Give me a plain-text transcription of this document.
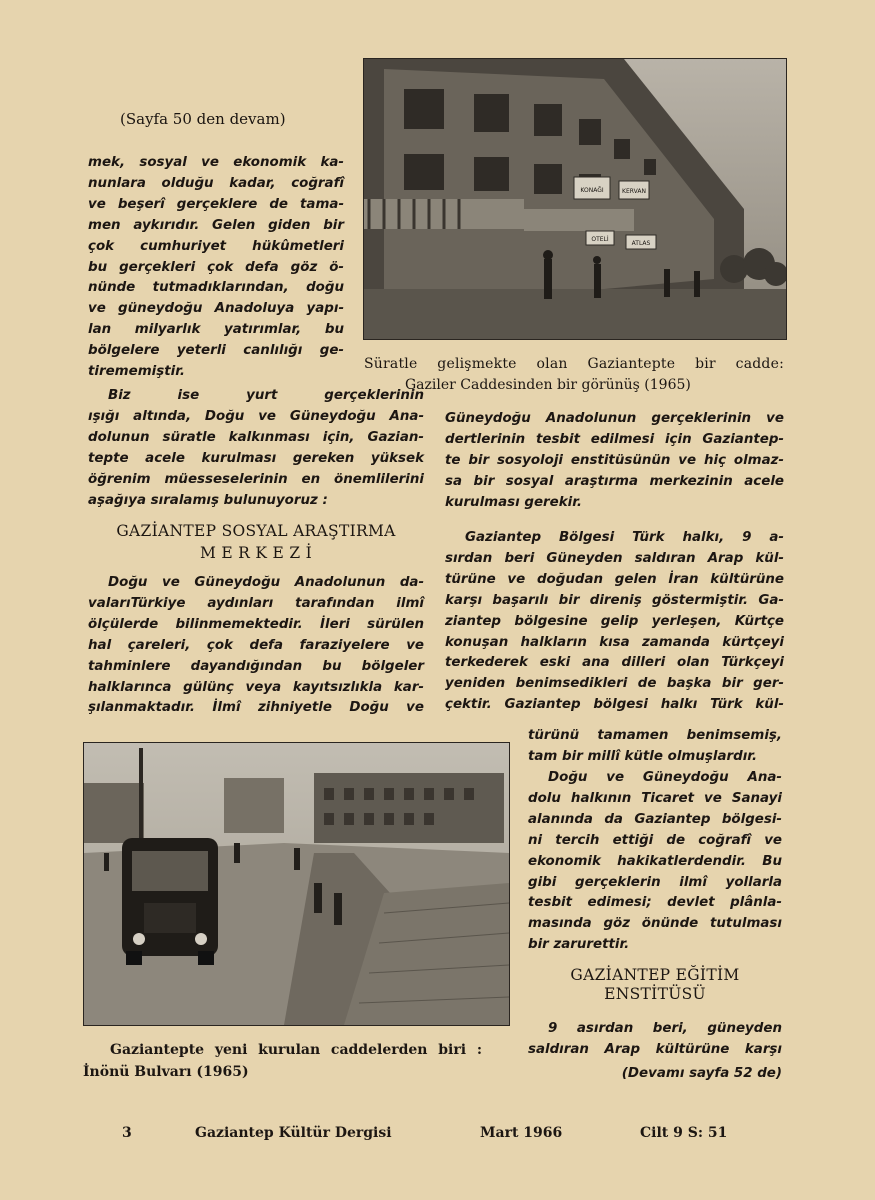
KONAĞI	KERVAN
OTELİ
ATLAS
(Sayfa 50 den devam)
mek, sosyal ve ekonomik ka-
nunlara olduğu kadar, coğrafî
ve beşerî gerçeklere de tama-
men aykırıdır. Gelen giden bir
çok cumhuriyet hükûmetleri
bu gerçekleri çok defa göz ö-
nünde tutmadıklarından, doğu
ve güneydoğu Anadoluya yapı-
lan milyarlık yatırımlar, bu
bölgelere yeterli canlılığı ge-
tirememiştir.	Süratle gelişmekte olan Gaziantepte bir cadde:
Gaziler Caddesinden bir görünüş (1965)
Biz ise yurt gerçeklerinin
ışığı altında, Doğu ve Güneydoğu Ana-
dolunun süratle kalkınması için, Gazian-
tepte acele kurulması gereken yüksek
öğrenim müesseselerinin en önemlilerini
aşağıya sıralamış bulunuyoruz :
GAZİANTEP SOSYAL ARAŞTIRMA
M E R K E Z İ
Doğu ve Güneydoğu Anadolunun da-
valarıTürkiye aydınları tarafından ilmî
ölçülerde bilinmemektedir. İleri sürülen
hal çareleri, çok defa faraziyelere ve
tahminlere dayandığından bu bölgeler
halklarınca gülünç veya kayıtsızlıkla kar-
şılanmaktadır. İlmî zihniyetle Doğu ve
Güneydoğu Anadolunun gerçeklerinin ve
dertlerinin tesbit edilmesi için Gaziantep-
te bir sosyoloji enstitüsünün ve hiç olmaz-
sa bir sosyal araştırma merkezinin acele
kurulması gerekir.
Gaziantep Bölgesi Türk halkı, 9 a-
sırdan beri Güneyden saldıran Arap kül-
türüne ve doğudan gelen İran kültürüne
karşı başarılı bir direniş göstermiştir. Ga-
ziantep bölgesine gelip yerleşen, Kürtçe
konuşan halkların kısa zamanda kürtçeyi
terkederek eski ana dilleri olan Türkçeyi
yeniden benimsedikleri de başka bir ger-
çektir. Gaziantep bölgesi halkı Türk kül-
türünü tamamen benimsemiş,
tam bir millî kütle olmuşlardır.
Doğu ve Güneydoğu Ana-
dolu halkının Ticaret ve Sanayi
alanında da Gaziantep bölgesi-
ni tercih ettiği de coğrafî ve
ekonomik hakikatlerdendir. Bu
gibi gerçeklerin ilmî yollarla
tesbit edimesi; devlet plânla-
masında göz önünde tutulması
bir zarurettir.
GAZİANTEP EĞİTİM
ENSTİTÜSÜ
9 asırdan beri, güneyden
saldıran Arap kültürüne karşı
(Devamı sayfa 52 de)
Gaziantepte yeni kurulan caddelerden biri :
İnönü Bulvarı (1965)
3	Gaziantep Kültür Dergisi	Mart 1966	Cilt 9 S: 51
